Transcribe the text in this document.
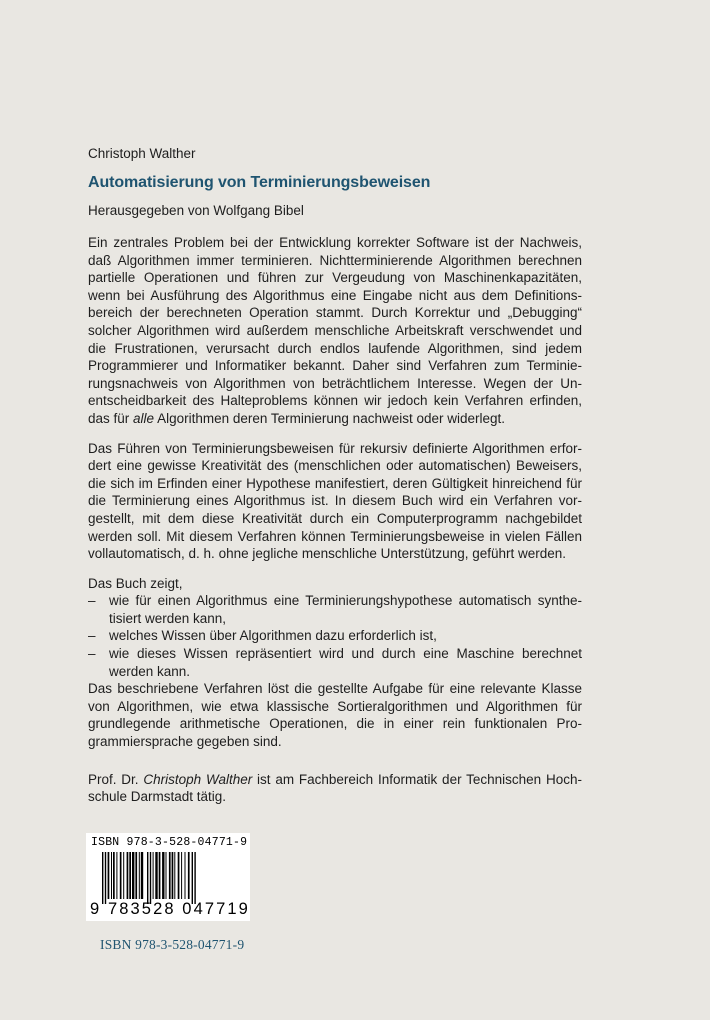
Christoph Walther

Automatisierung von Terminierungsbeweisen

Herausgegeben von Wolfgang Bibel

Ein zentrales Problem bei der Entwicklung korrekter Software ist der Nachweis, daß Algorithmen immer terminieren. Nichtterminierende Algorithmen berechnen partielle Operationen und führen zur Vergeudung von Maschinenkapazitäten, wenn bei Ausführung des Algorithmus eine Eingabe nicht aus dem Definitionsbereich der berechneten Operation stammt. Durch Korrektur und „Debugging“ solcher Algorithmen wird außerdem menschliche Arbeitskraft verschwendet und die Frustrationen, verursacht durch endlos laufende Algorithmen, sind jedem Programmierer und Informatiker bekannt. Daher sind Verfahren zum Terminierungsnachweis von Algorithmen von beträchtlichem Interesse. Wegen der Unentscheidbarkeit des Halteproblems können wir jedoch kein Verfahren erfinden, das für alle Algorithmen deren Terminierung nachweist oder widerlegt.

Das Führen von Terminierungsbeweisen für rekursiv definierte Algorithmen erfordert eine gewisse Kreativität des (menschlichen oder automatischen) Beweisers, die sich im Erfinden einer Hypothese manifestiert, deren Gültigkeit hinreichend für die Terminierung eines Algorithmus ist. In diesem Buch wird ein Verfahren vorgestellt, mit dem diese Kreativität durch ein Computerprogramm nachgebildet werden soll. Mit diesem Verfahren können Terminierungsbeweise in vielen Fällen vollautomatisch, d. h. ohne jegliche menschliche Unterstützung, geführt werden.

Das Buch zeigt,

– wie für einen Algorithmus eine Terminierungshypothese automatisch synthetisiert werden kann,
– welches Wissen über Algorithmen dazu erforderlich ist,
– wie dieses Wissen repräsentiert wird und durch eine Maschine berechnet werden kann.

Das beschriebene Verfahren löst die gestellte Aufgabe für eine relevante Klasse von Algorithmen, wie etwa klassische Sortieralgorithmen und Algorithmen für grundlegende arithmetische Operationen, die in einer rein funktionalen Programmiersprache gegeben sind.

Prof. Dr. Christoph Walther ist am Fachbereich Informatik der Technischen Hochschule Darmstadt tätig.

ISBN 978-3-528-04771-9
9 783528 047719
ISBN 978-3-528-04771-9
